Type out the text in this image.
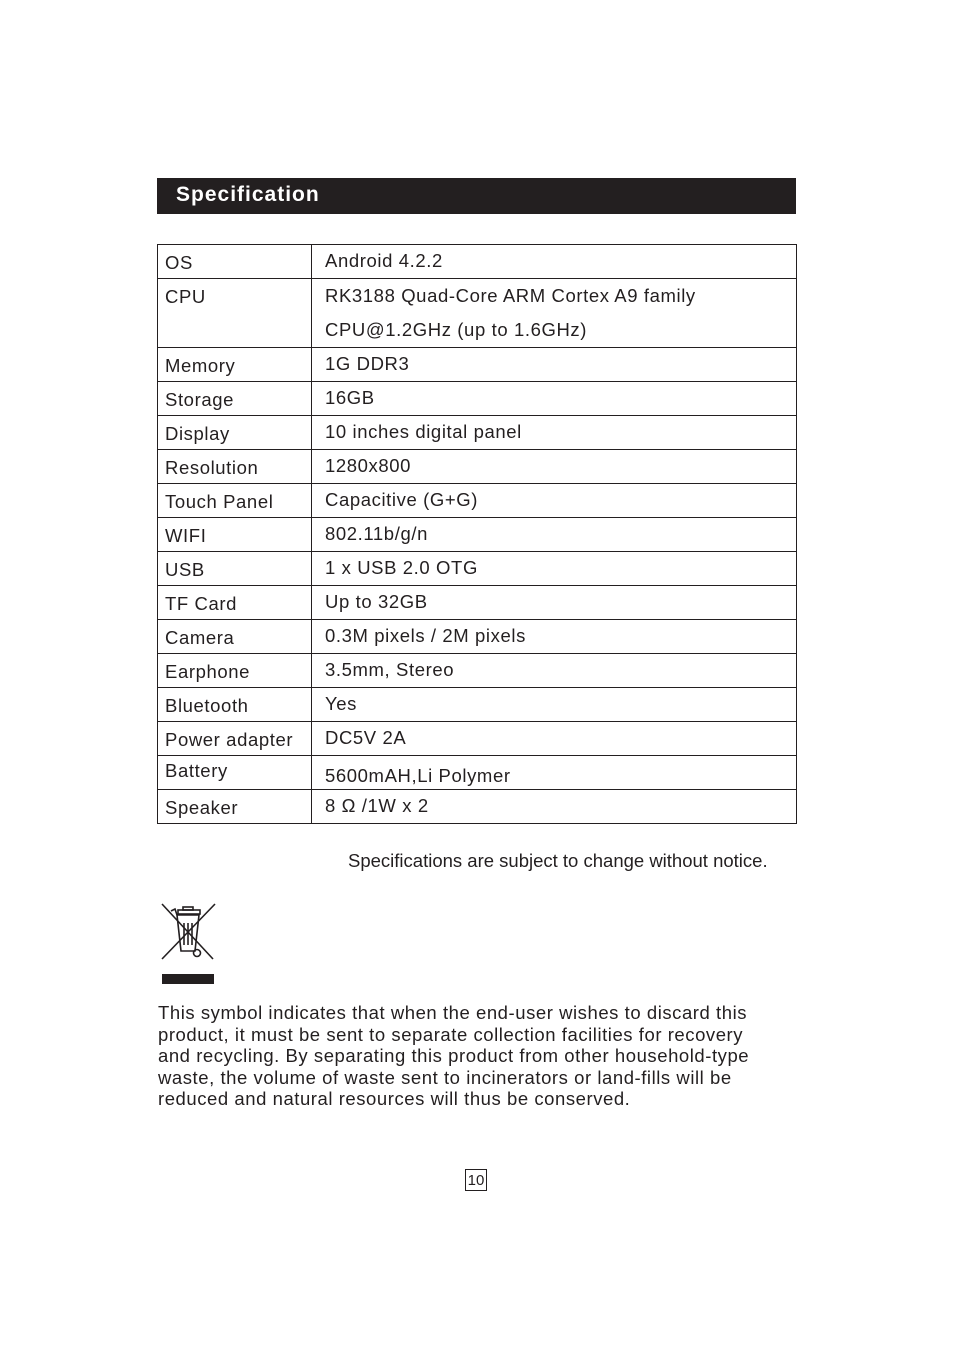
Specification
OS	Android 4.2.2

CPU	RK3188 Quad-Core ARM Cortex A9 family
CPU@1.2GHz (up to 1.6GHz)

Memory	1G DDR3

Storage	16GB

Display	10 inches digital panel

Resolution	1280x800

Touch Panel	Capacitive (G+G)

WIFI	802.11b/g/n

USB	1 x USB 2.0 OTG

TF Card	Up to 32GB

Camera	0.3M pixels / 2M pixels

Earphone	3.5mm, Stereo

Bluetooth	Yes

Power adapter	DC5V 2A

Battery	5600mAH,Li Polymer

Speaker	8 Ω /1W x 2
Specifications are subject to change without notice.
This symbol indicates that when the end-user wishes to discard this
product, it must be sent to separate collection facilities for recovery
and recycling. By separating this product from other household-type
waste, the volume of waste sent to incinerators or land-fills will be
reduced and natural resources will thus be conserved.
10
